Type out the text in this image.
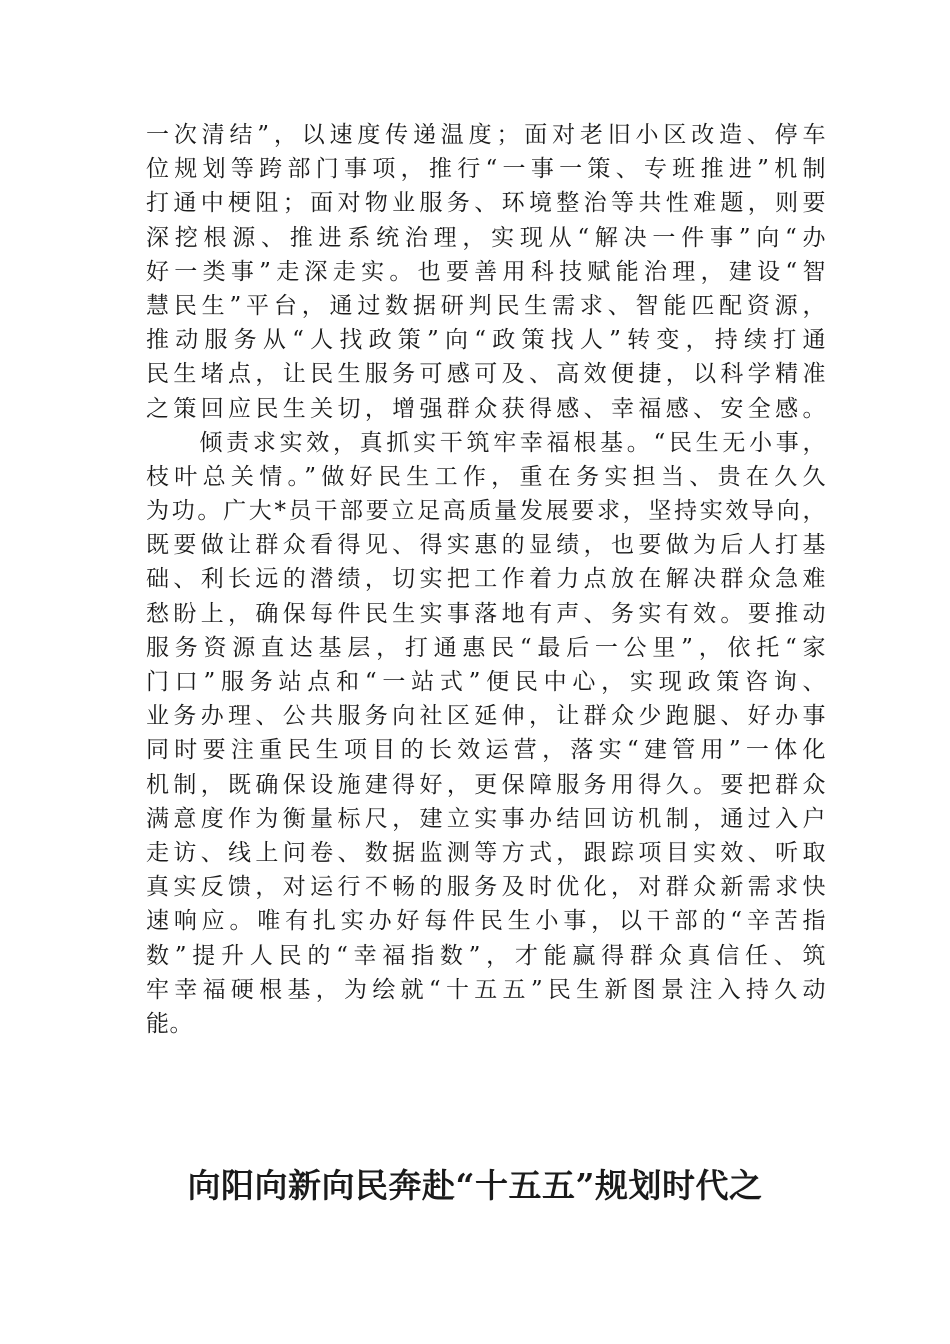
一次清结”，以速度传递温度；面对老旧小区改造、停车
位规划等跨部门事项，推行“一事一策、专班推进”机制
打通中梗阻；面对物业服务、环境整治等共性难题，则要
深挖根源、推进系统治理，实现从“解决一件事”向“办
好一类事”走深走实。也要善用科技赋能治理，建设“智
慧民生”平台，通过数据研判民生需求、智能匹配资源，
推动服务从“人找政策”向“政策找人”转变，持续打通
民生堵点，让民生服务可感可及、高效便捷，以科学精准
之策回应民生关切，增强群众获得感、幸福感、安全感。
　　倾责求实效，真抓实干筑牢幸福根基。“民生无小事，
枝叶总关情。”做好民生工作，重在务实担当、贵在久久
为功。广大*员干部要立足高质量发展要求，坚持实效导向，
既要做让群众看得见、得实惠的显绩，也要做为后人打基
础、利长远的潜绩，切实把工作着力点放在解决群众急难
愁盼上，确保每件民生实事落地有声、务实有效。要推动
服务资源直达基层，打通惠民“最后一公里”，依托“家
门口”服务站点和“一站式”便民中心，实现政策咨询、
业务办理、公共服务向社区延伸，让群众少跑腿、好办事
同时要注重民生项目的长效运营，落实“建管用”一体化
机制，既确保设施建得好，更保障服务用得久。要把群众
满意度作为衡量标尺，建立实事办结回访机制，通过入户
走访、线上问卷、数据监测等方式，跟踪项目实效、听取
真实反馈，对运行不畅的服务及时优化，对群众新需求快
速响应。唯有扎实办好每件民生小事，以干部的“辛苦指
数”提升人民的“幸福指数”，才能赢得群众真信任、筑
牢幸福硬根基，为绘就“十五五”民生新图景注入持久动
能。
向阳向新向民奔赴“十五五”规划时代之
